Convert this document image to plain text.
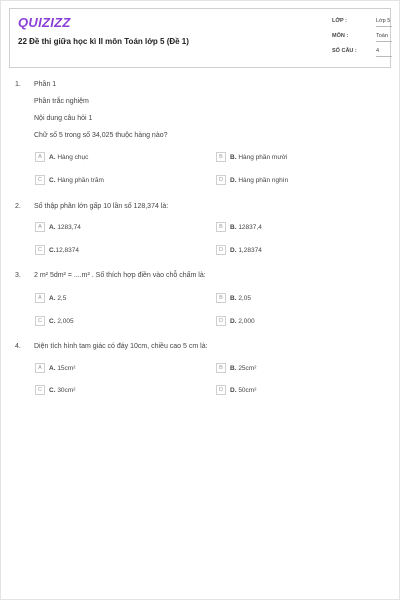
QUIZIZZ
22 Đề thi giữa học kì II môn Toán lớp 5 (Đề 1)
LỚP :	Lớp 5
MÔN :	Toán
SỐ CÂU :	4
1. Phần 1
Phần trắc nghiệm
Nội dung câu hỏi 1
Chữ số 5 trong số 34,025 thuộc hàng nào?
A	A. Hàng chục	B	B. Hàng phần mười
C	C. Hàng phần trăm	D	D. Hàng phần nghìn
2. Số thập phân lớn gấp 10 lần số 128,374 là:
A	A. 1283,74	B	B. 12837,4
C	C.12,8374	D	D. 1,28374
3. 2 m² 5dm² = ....m² . Số thích hợp điền vào chỗ chấm là:
A	A. 2,5	B	B. 2,05
C	C. 2,005	D	D. 2,000
4. Diện tích hình tam giác có đáy 10cm, chiều cao 5 cm là:
A	A. 15cm²	B	B. 25cm²
C	C. 30cm²	D	D. 50cm²
